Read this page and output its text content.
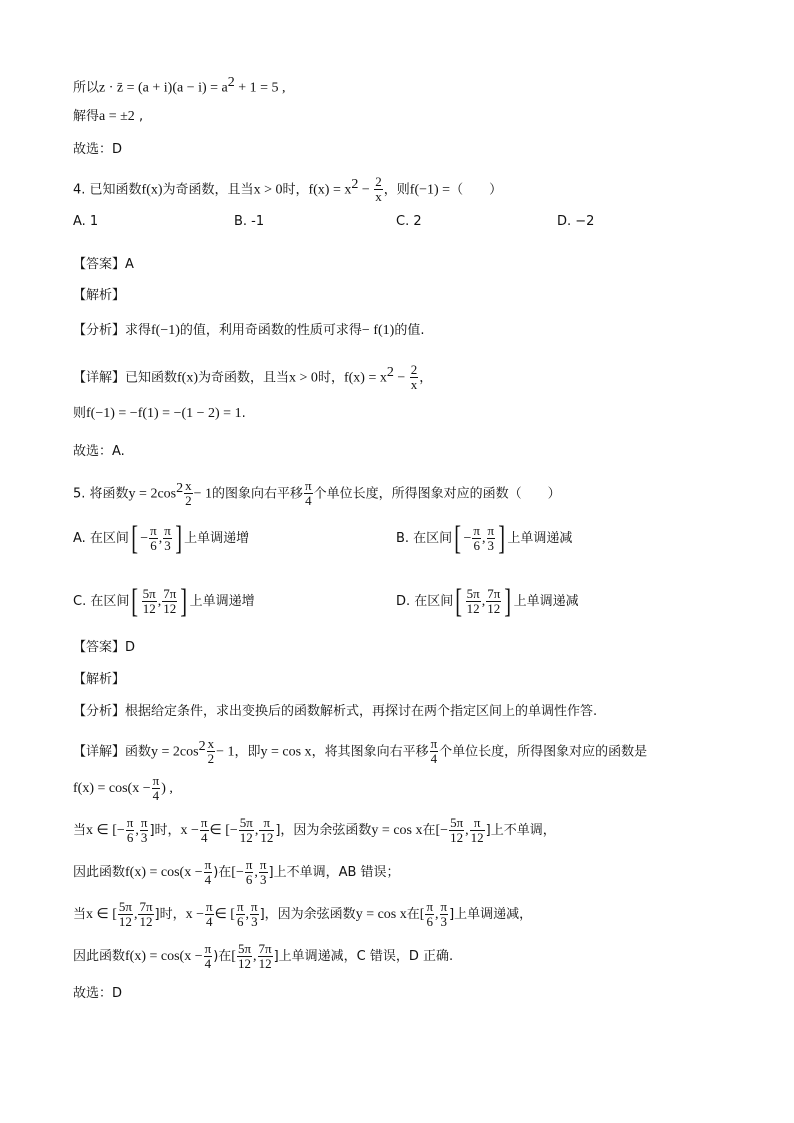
所以z · z̄ = $(a + i)(a - i) = a^2 + 1 = 5$ ,
解得a = ±2 ,
故选：D
4. 已知函数f(x)为奇函数，且当x > 0时，$f(x) = x^2 - \frac{2}{x}$ ，则f(−1) =（　　）
A. 1	B. -1	C. 2	D. −2
【答案】A
【解析】
【分析】求得f(−1)的值，利用奇函数的性质可求得− f(1)的值.
【详解】已知函数f(x)为奇函数，且当x > 0时，$f(x) = x^2 - \frac{2}{x}$ ，
则f(−1) = −f(1) = −(1 − 2) = 1.
故选：A.
5. 将函数$y = 2\cos^2 \frac{x}{2} - 1$的图象向右平移 $\frac{\pi}{4}$ 个单位长度，所得图象对应的函数（　　）
A. 在区间[ − $\frac{\pi}{6}$ , $\frac{\pi}{3}$ ] 上单调递增	B. 在区间[ − $\frac{\pi}{6}$ , $\frac{\pi}{3}$ ] 上单调递减
C. 在区间[ $\frac{5\pi}{12}$ , $\frac{7\pi}{12}$ ] 上单调递增	D. 在区间[ $\frac{5\pi}{12}$ , $\frac{7\pi}{12}$ ] 上单调递减
【答案】D
【解析】
【分析】根据给定条件，求出变换后的函数解析式，再探讨在两个指定区间上的单调性作答.
【详解】函数$y = 2\cos^2 \frac{x}{2} - 1$，即y = cos x，将其图象向右平移 $\frac{\pi}{4}$ 个单位长度，所得图象对应的函数是
$f(x) = \cos(x - \frac{\pi}{4}$ ) ,
当x ∈ [− $\frac{\pi}{6}$ , $\frac{\pi}{3}$ ]时，$x - \frac{\pi}{4}$ ∈ [− $\frac{5\pi}{12}$ , $\frac{\pi}{12}$ ]，因为余弦函数y = cos x在[− $\frac{5\pi}{12}$ , $\frac{\pi}{12}$ ]上不单调，
因此函数$f(x) = \cos(x - \frac{\pi}{4}$ )在[− $\frac{\pi}{6}$ , $\frac{\pi}{3}$ ]上不单调，AB 错误；
当x ∈ [ $\frac{5\pi}{12}$ , $\frac{7\pi}{12}$ ]时，$x - \frac{\pi}{4}$ ∈ [ $\frac{\pi}{6}$ , $\frac{\pi}{3}$ ]，因为余弦函数y = cos x在[ $\frac{\pi}{6}$ , $\frac{\pi}{3}$ ]上单调递减，
因此函数$f(x) = \cos(x - \frac{\pi}{4}$ )在[ $\frac{5\pi}{12}$ , $\frac{7\pi}{12}$ ]上单调递减，C 错误，D 正确.
故选：D
